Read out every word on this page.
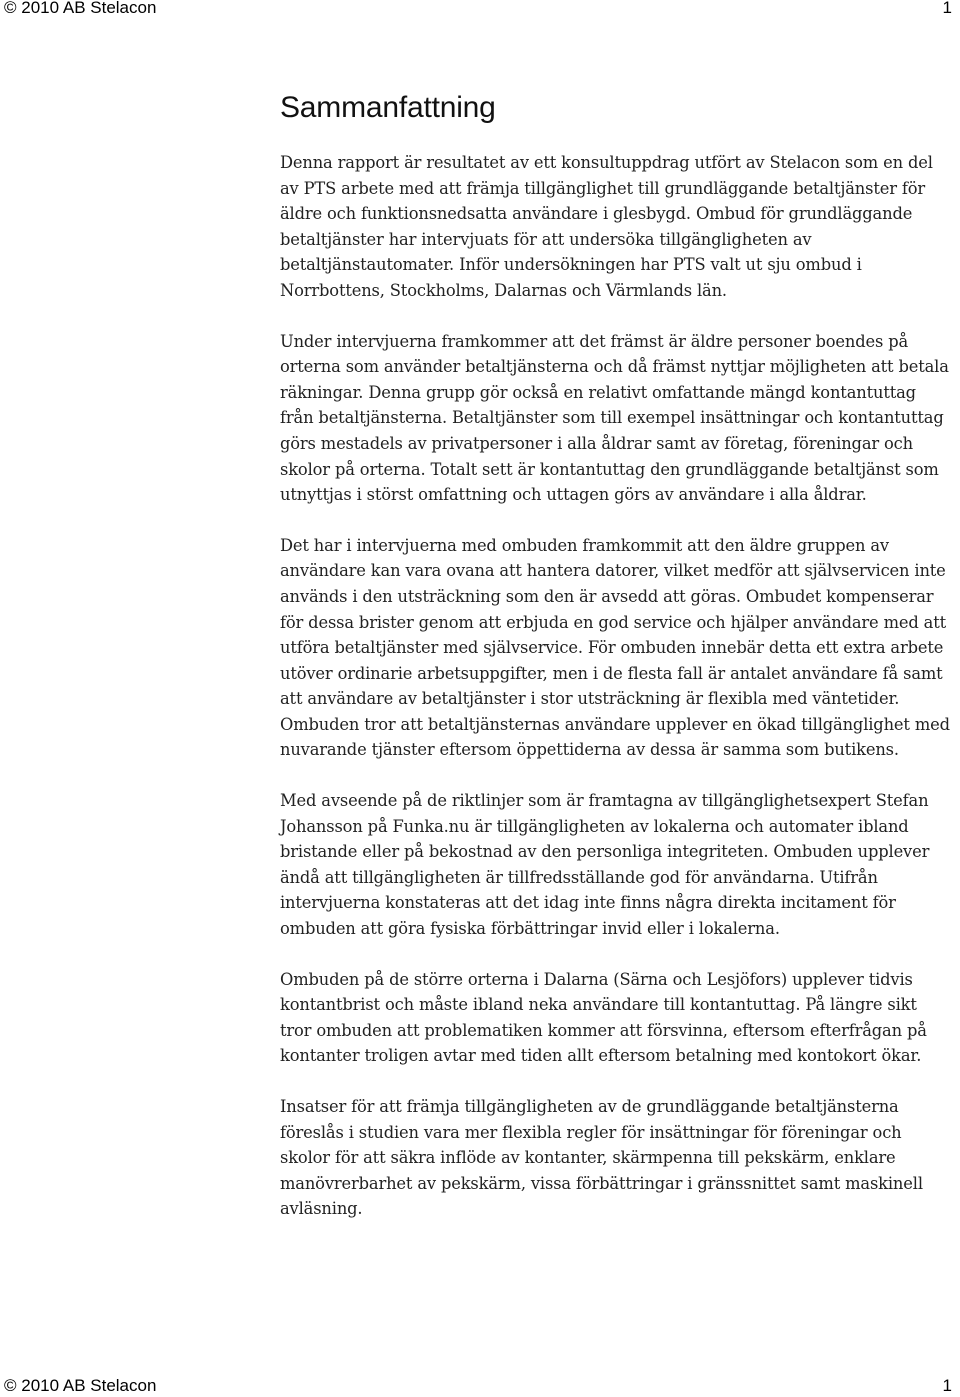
© 2010 AB Stelacon	1
Sammanfattning

Denna rapport är resultatet av ett konsultuppdrag utfört av Stelacon som en del av PTS arbete med att främja tillgänglighet till grundläggande betaltjänster för äldre och funktionsnedsatta användare i glesbygd. Ombud för grundläggande betaltjänster har intervjuats för att undersöka tillgängligheten av betaltjänstautomater. Inför undersökningen har PTS valt ut sju ombud i Norrbottens, Stockholms, Dalarnas och Värmlands län.

Under intervjuerna framkommer att det främst är äldre personer boendes på orterna som använder betaltjänsterna och då främst nyttjar möjligheten att betala räkningar. Denna grupp gör också en relativt omfattande mängd kontantuttag från betaltjänsterna. Betaltjänster som till exempel insättningar och kontantuttag görs mestadels av privatpersoner i alla åldrar samt av företag, föreningar och skolor på orterna. Totalt sett är kontantuttag den grundläggande betaltjänst som utnyttjas i störst omfattning och uttagen görs av användare i alla åldrar.

Det har i intervjuerna med ombuden framkommit att den äldre gruppen av användare kan vara ovana att hantera datorer, vilket medför att självservicen inte används i den utsträckning som den är avsedd att göras. Ombudet kompenserar för dessa brister genom att erbjuda en god service och hjälper användare med att utföra betaltjänster med självservice. För ombuden innebär detta ett extra arbete utöver ordinarie arbetsuppgifter, men i de flesta fall är antalet användare få samt att användare av betaltjänster i stor utsträckning är flexibla med väntetider. Ombuden tror att betaltjänsternas användare upplever en ökad tillgänglighet med nuvarande tjänster eftersom öppettiderna av dessa är samma som butikens.

Med avseende på de riktlinjer som är framtagna av tillgänglighetsexpert Stefan Johansson på Funka.nu är tillgängligheten av lokalerna och automater ibland bristande eller på bekostnad av den personliga integriteten. Ombuden upplever ändå att tillgängligheten är tillfredsställande god för användarna. Utifrån intervjuerna konstateras att det idag inte finns några direkta incitament för ombuden att göra fysiska förbättringar invid eller i lokalerna.

Ombuden på de större orterna i Dalarna (Särna och Lesjöfors) upplever tidvis kontantbrist och måste ibland neka användare till kontantuttag. På längre sikt tror ombuden att problematiken kommer att försvinna, eftersom efterfrågan på kontanter troligen avtar med tiden allt eftersom betalning med kontokort ökar.

Insatser för att främja tillgängligheten av de grundläggande betaltjänsterna föreslås i studien vara mer flexibla regler för insättningar för föreningar och skolor för att säkra inflöde av kontanter, skärmpenna till pekskärm, enklare manövrerbarhet av pekskärm, vissa förbättringar i gränssnittet samt maskinell avläsning.

© 2010 AB Stelacon	1
